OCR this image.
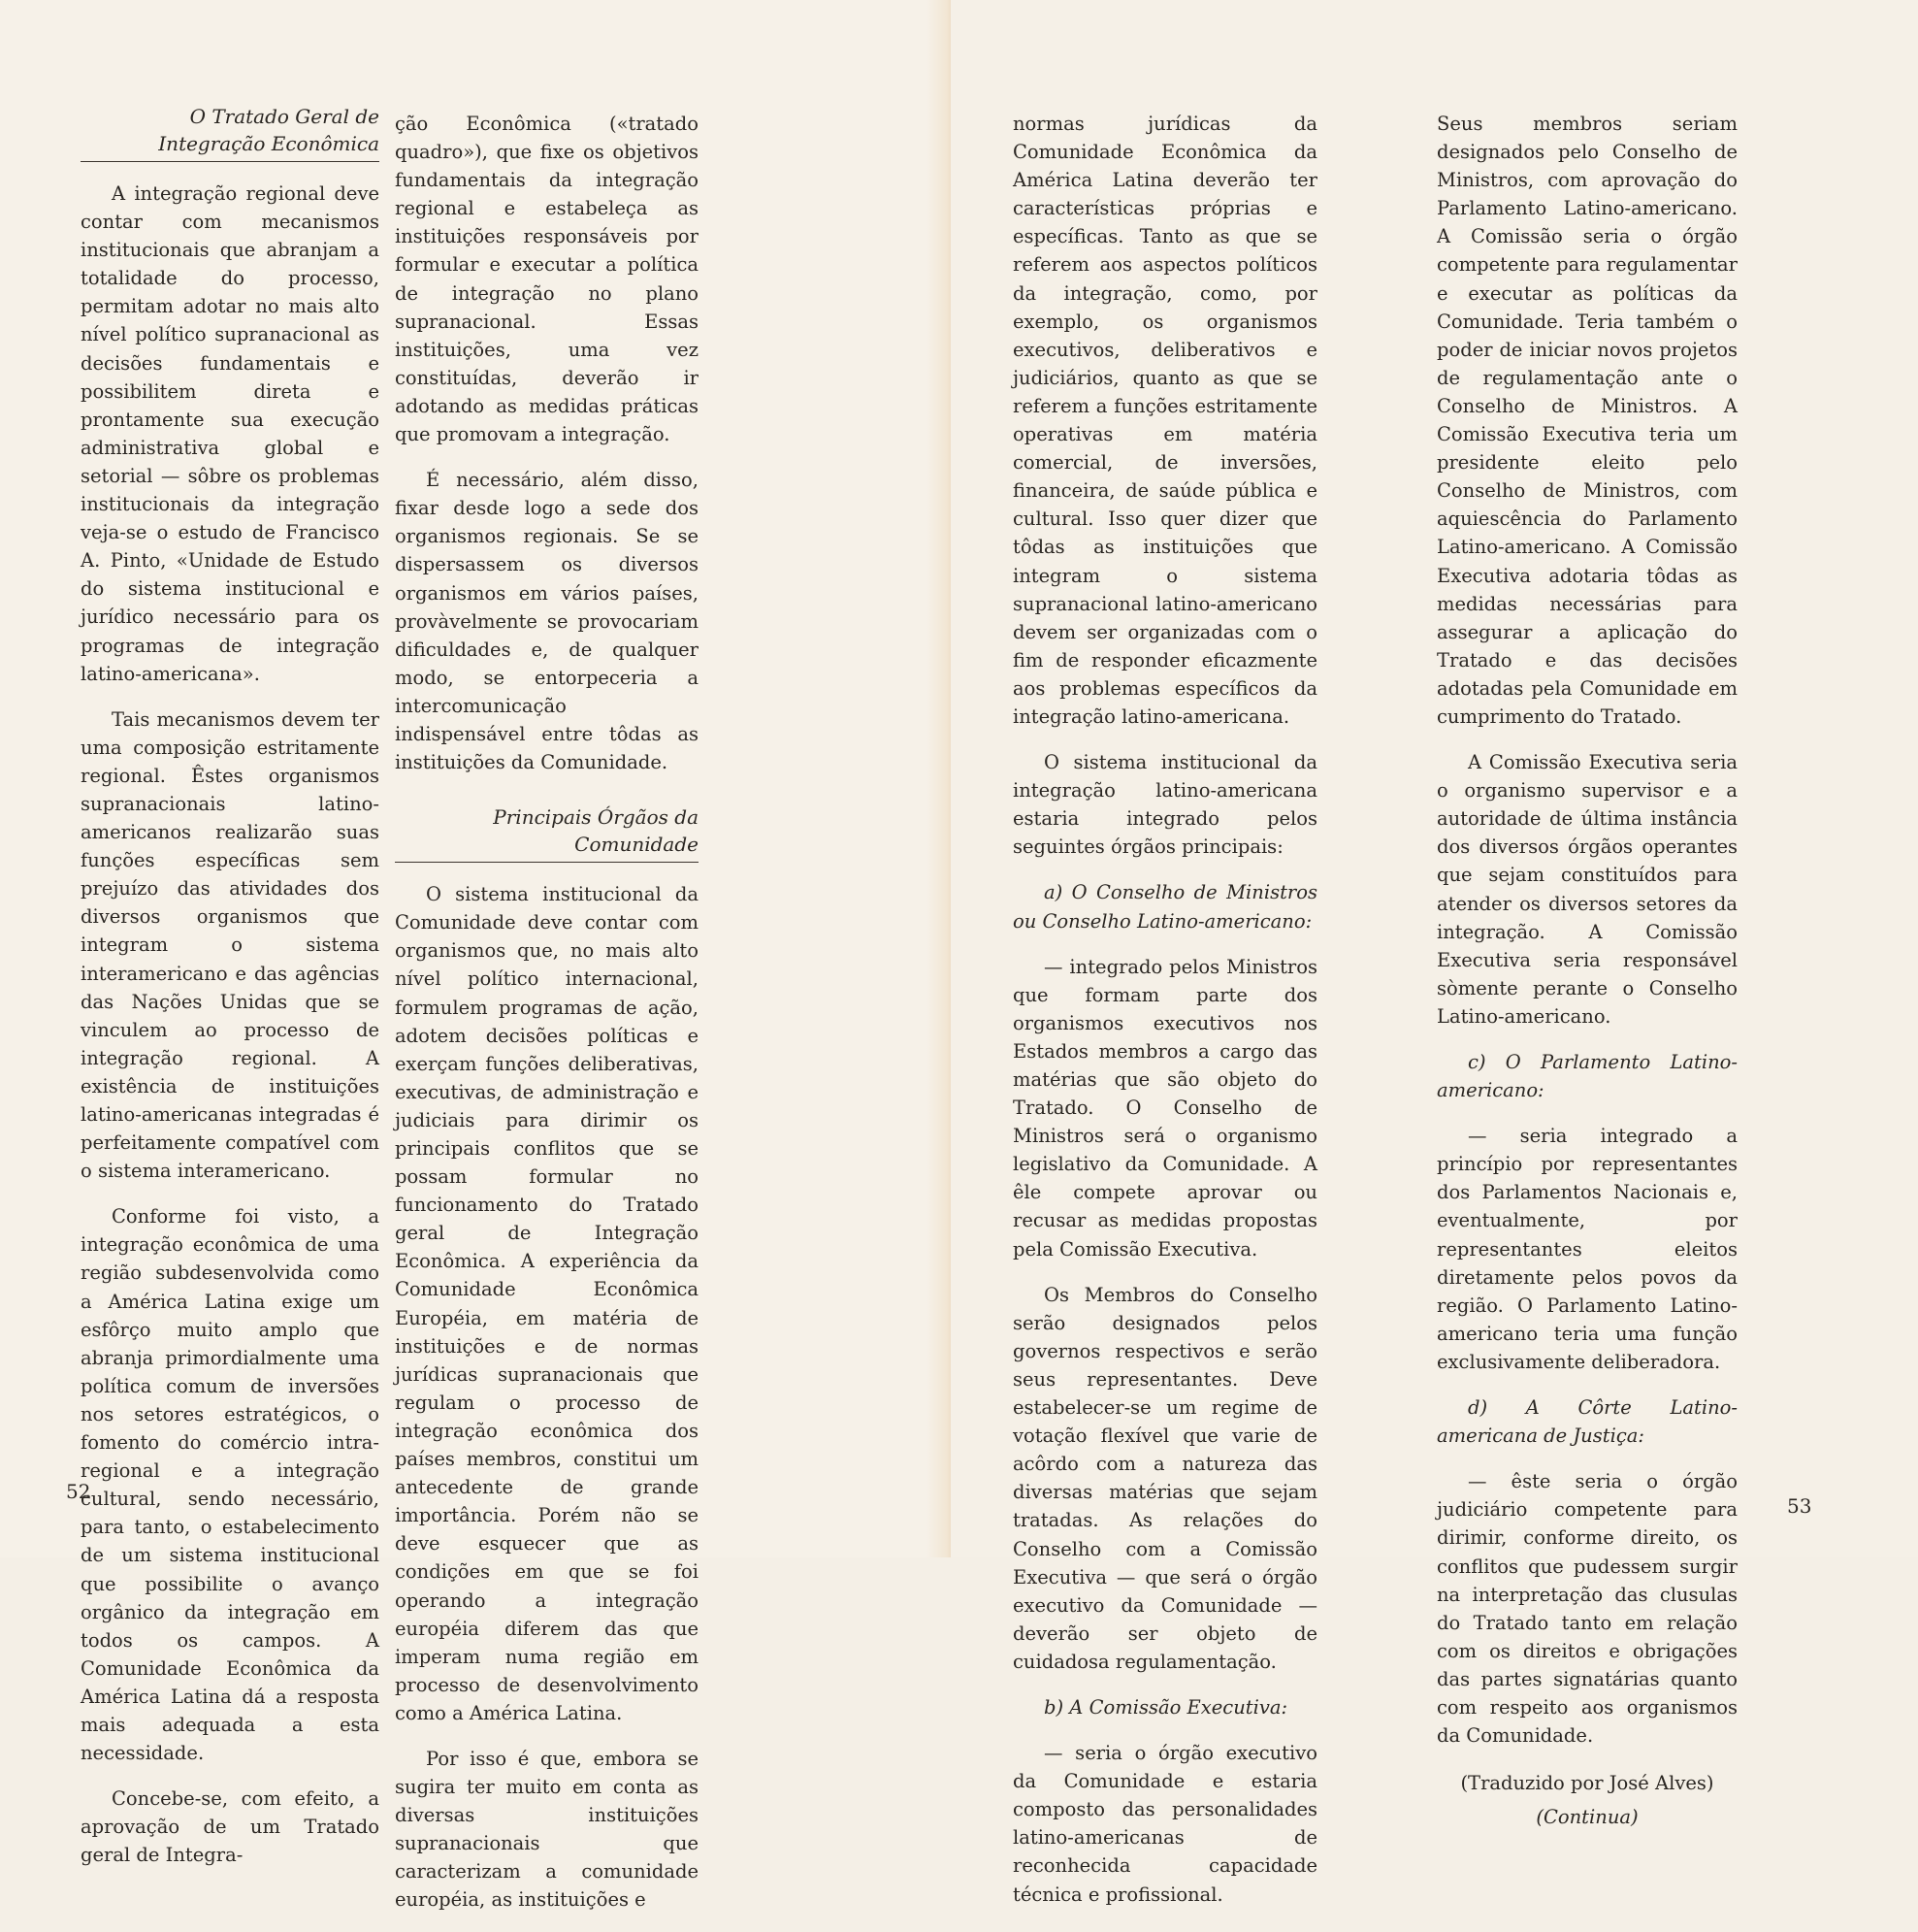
O Tratado Geral de Integração Econômica

A integração regional deve contar com mecanismos institucionais que abranjam a totalidade do processo, permitam adotar no mais alto nível político supranacional as decisões fundamentais e possibilitem direta e prontamente sua execução administrativa global e setorial — sôbre os problemas institucionais da integração veja-se o estudo de Francisco A. Pinto, «Unidade de Estudo do sistema institucional e jurídico necessário para os programas de integração latino-americana».

Tais mecanismos devem ter uma composição estritamente regional. Êstes organismos supranacionais latino-americanos realizarão suas funções específicas sem prejuízo das atividades dos diversos organismos que integram o sistema interamericano e das agências das Nações Unidas que se vinculem ao processo de integração regional. A existência de instituições latino-americanas integradas é perfeitamente compatível com o sistema interamericano.

Conforme foi visto, a integração econômica de uma região subdesenvolvida como a América Latina exige um esfôrço muito amplo que abranja primordialmente uma política comum de inversões nos setores estratégicos, o fomento do comércio intra-regional e a integração cultural, sendo necessário, para tanto, o estabelecimento de um sistema institucional que possibilite o avanço orgânico da integração em todos os campos. A Comunidade Econômica da América Latina dá a resposta mais adequada a esta necessidade.

Concebe-se, com efeito, a aprovação de um Tratado geral de Integra-

ção Econômica («tratado quadro»), que fixe os objetivos fundamentais da integração regional e estabeleça as instituições responsáveis por formular e executar a política de integração no plano supranacional. Essas instituições, uma vez constituídas, deverão ir adotando as medidas práticas que promovam a integração.

É necessário, além disso, fixar desde logo a sede dos organismos regionais. Se se dispersassem os diversos organismos em vários países, provàvelmente se provocariam dificuldades e, de qualquer modo, se entorpeceria a intercomunicação indispensável entre tôdas as instituições da Comunidade.

Principais Órgãos da Comunidade

O sistema institucional da Comunidade deve contar com organismos que, no mais alto nível político internacional, formulem programas de ação, adotem decisões políticas e exerçam funções deliberativas, executivas, de administração e judiciais para dirimir os principais conflitos que se possam formular no funcionamento do Tratado geral de Integração Econômica. A experiência da Comunidade Econômica Européia, em matéria de instituições e de normas jurídicas supranacionais que regulam o processo de integração econômica dos países membros, constitui um antecedente de grande importância. Porém não se deve esquecer que as condições em que se foi operando a integração européia diferem das que imperam numa região em processo de desenvolvimento como a América Latina.

Por isso é que, embora se sugira ter muito em conta as diversas instituições supranacionais que caracterizam a comunidade européia, as instituições e

52

normas jurídicas da Comunidade Econômica da América Latina deverão ter características próprias e específicas. Tanto as que se referem aos aspectos políticos da integração, como, por exemplo, os organismos executivos, deliberativos e judiciários, quanto as que se referem a funções estritamente operativas em matéria comercial, de inversões, financeira, de saúde pública e cultural. Isso quer dizer que tôdas as instituições que integram o sistema supranacional latino-americano devem ser organizadas com o fim de responder eficazmente aos problemas específicos da integração latino-americana.

O sistema institucional da integração latino-americana estaria integrado pelos seguintes órgãos principais:

a) O Conselho de Ministros ou Conselho Latino-americano:

— integrado pelos Ministros que formam parte dos organismos executivos nos Estados membros a cargo das matérias que são objeto do Tratado. O Conselho de Ministros será o organismo legislativo da Comunidade. A êle compete aprovar ou recusar as medidas propostas pela Comissão Executiva.

Os Membros do Conselho serão designados pelos governos respectivos e serão seus representantes. Deve estabelecer-se um regime de votação flexível que varie de acôrdo com a natureza das diversas matérias que sejam tratadas. As relações do Conselho com a Comissão Executiva — que será o órgão executivo da Comunidade — deverão ser objeto de cuidadosa regulamentação.

b) A Comissão Executiva:

— seria o órgão executivo da Comunidade e estaria composto das personalidades latino-americanas de reconhecida capacidade técnica e profissional.

53

Seus membros seriam designados pelo Conselho de Ministros, com aprovação do Parlamento Latino-americano. A Comissão seria o órgão competente para regulamentar e executar as políticas da Comunidade. Teria também o poder de iniciar novos projetos de regulamentação ante o Conselho de Ministros. A Comissão Executiva teria um presidente eleito pelo Conselho de Ministros, com aquiescência do Parlamento Latino-americano. A Comissão Executiva adotaria tôdas as medidas necessárias para assegurar a aplicação do Tratado e das decisões adotadas pela Comunidade em cumprimento do Tratado.

A Comissão Executiva seria o organismo supervisor e a autoridade de última instância dos diversos órgãos operantes que sejam constituídos para atender os diversos setores da integração. A Comissão Executiva seria responsável sòmente perante o Conselho Latino-americano.

c) O Parlamento Latino-americano:

— seria integrado a princípio por representantes dos Parlamentos Nacionais e, eventualmente, por representantes eleitos diretamente pelos povos da região. O Parlamento Latino-americano teria uma função exclusivamente deliberadora.

d) A Côrte Latino-americana de Justiça:

— êste seria o órgão judiciário competente para dirimir, conforme direito, os conflitos que pudessem surgir na interpretação das clusulas do Tratado tanto em relação com os direitos e obrigações das partes signatárias quanto com respeito aos organismos da Comunidade.

(Traduzido por José Alves)
(Continua)
